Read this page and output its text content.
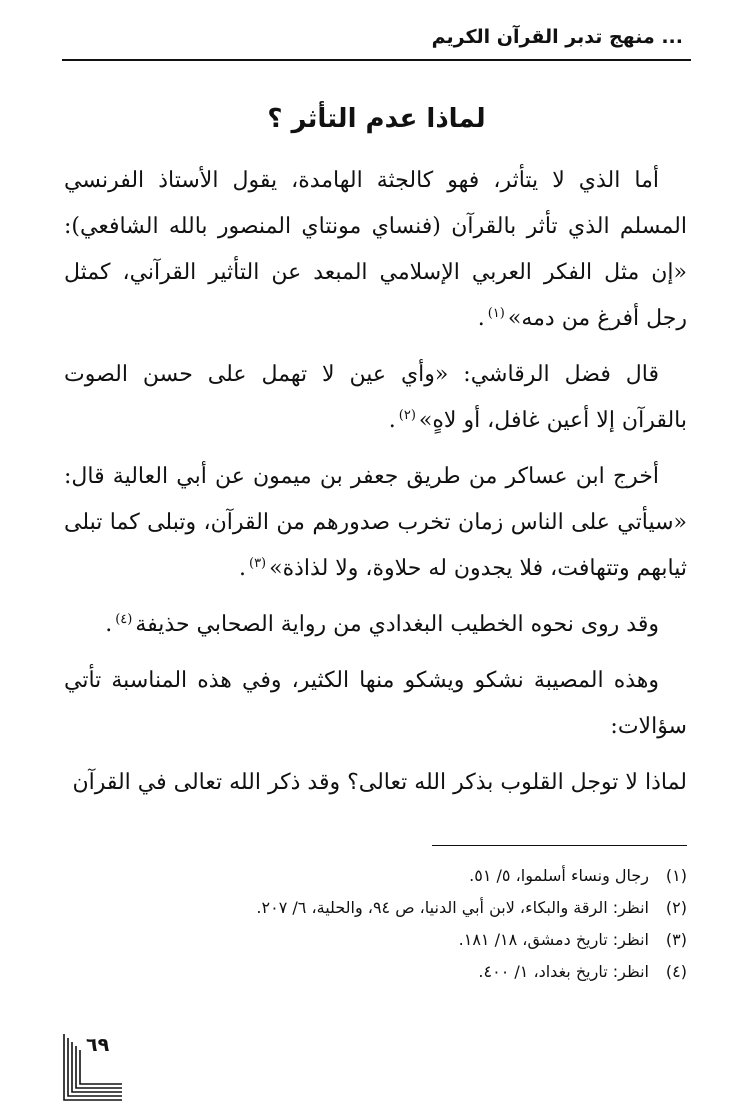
... منهج تدبر القرآن الكريم
لماذا عدم التأثر ؟

أما الذي لا يتأثر، فهو كالجثة الهامدة، يقول الأستاذ الفرنسي المسلم الذي تأثر بالقرآن (فنساي مونتاي المنصور بالله الشافعي): «إن مثل الفكر العربي الإسلامي المبعد عن التأثير القرآني، كمثل رجل أفرغ من دمه»$^{(١)}$.

قال فضل الرقاشي: «وأي عين لا تهمل على حسن الصوت بالقرآن إلا أعين غافل، أو لاهٍ»$^{(٢)}$.

أخرج ابن عساكر من طريق جعفر بن ميمون عن أبي العالية قال: «سيأتي على الناس زمان تخرب صدورهم من القرآن، وتبلى كما تبلى ثيابهم وتتهافت، فلا يجدون له حلاوة، ولا لذاذة»$^{(٣)}$.

وقد روى نحوه الخطيب البغدادي من رواية الصحابي حذيفة$^{(٤)}$.

وهذه المصيبة نشكو ويشكو منها الكثير، وفي هذه المناسبة تأتي سؤالات:

لماذا لا توجل القلوب بذكر الله تعالى؟ وقد ذكر الله تعالى في القرآن

(١)رجال ونساء أسلموا، ٥/ ٥١.
(٢)انظر: الرقة والبكاء، لابن أبي الدنيا، ص ٩٤، والحلية، ٦/ ٢٠٧.
(٣)انظر: تاريخ دمشق، ١٨/ ١٨١.
(٤)انظر: تاريخ بغداد، ١/ ٤٠٠.
٦٩
